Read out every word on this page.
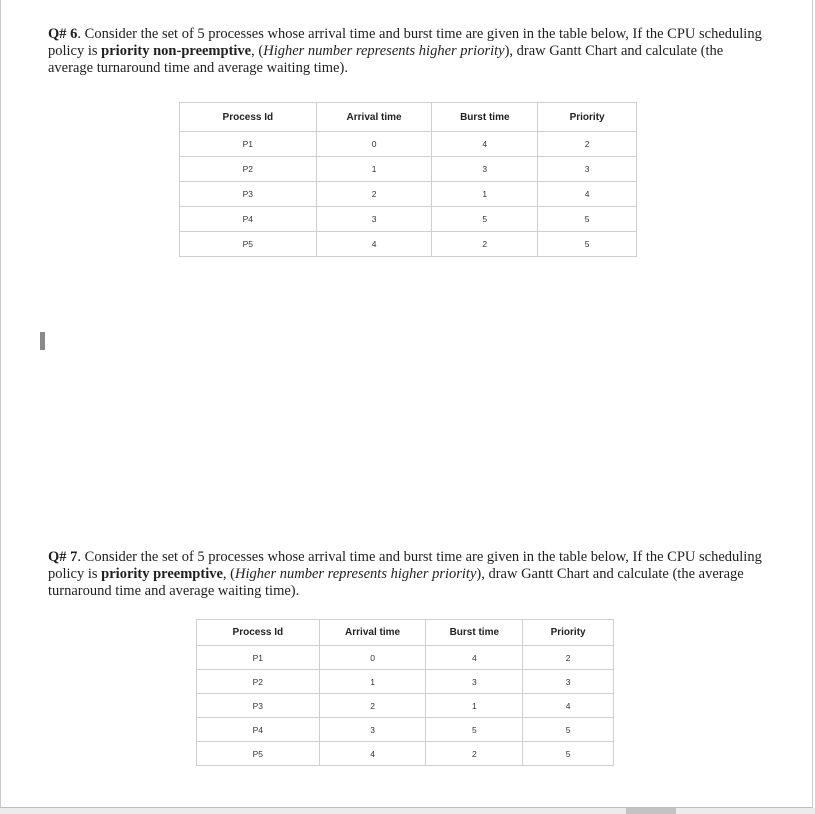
Q# 6. Consider the set of 5 processes whose arrival time and burst time are given in the table below, If the CPU scheduling policy is priority non-preemptive, (Higher number represents higher priority), draw Gantt Chart and calculate (the average turnaround time and average waiting time).

Process Id	Arrival time	Burst time	Priority
P1	0	4	2
P2	1	3	3
P3	2	1	4
P4	3	5	5
P5	4	2	5

Q# 7. Consider the set of 5 processes whose arrival time and burst time are given in the table below, If the CPU scheduling policy is priority preemptive, (Higher number represents higher priority), draw Gantt Chart and calculate (the average turnaround time and average waiting time).

Process Id	Arrival time	Burst time	Priority
P1	0	4	2
P2	1	3	3
P3	2	1	4
P4	3	5	5
P5	4	2	5
